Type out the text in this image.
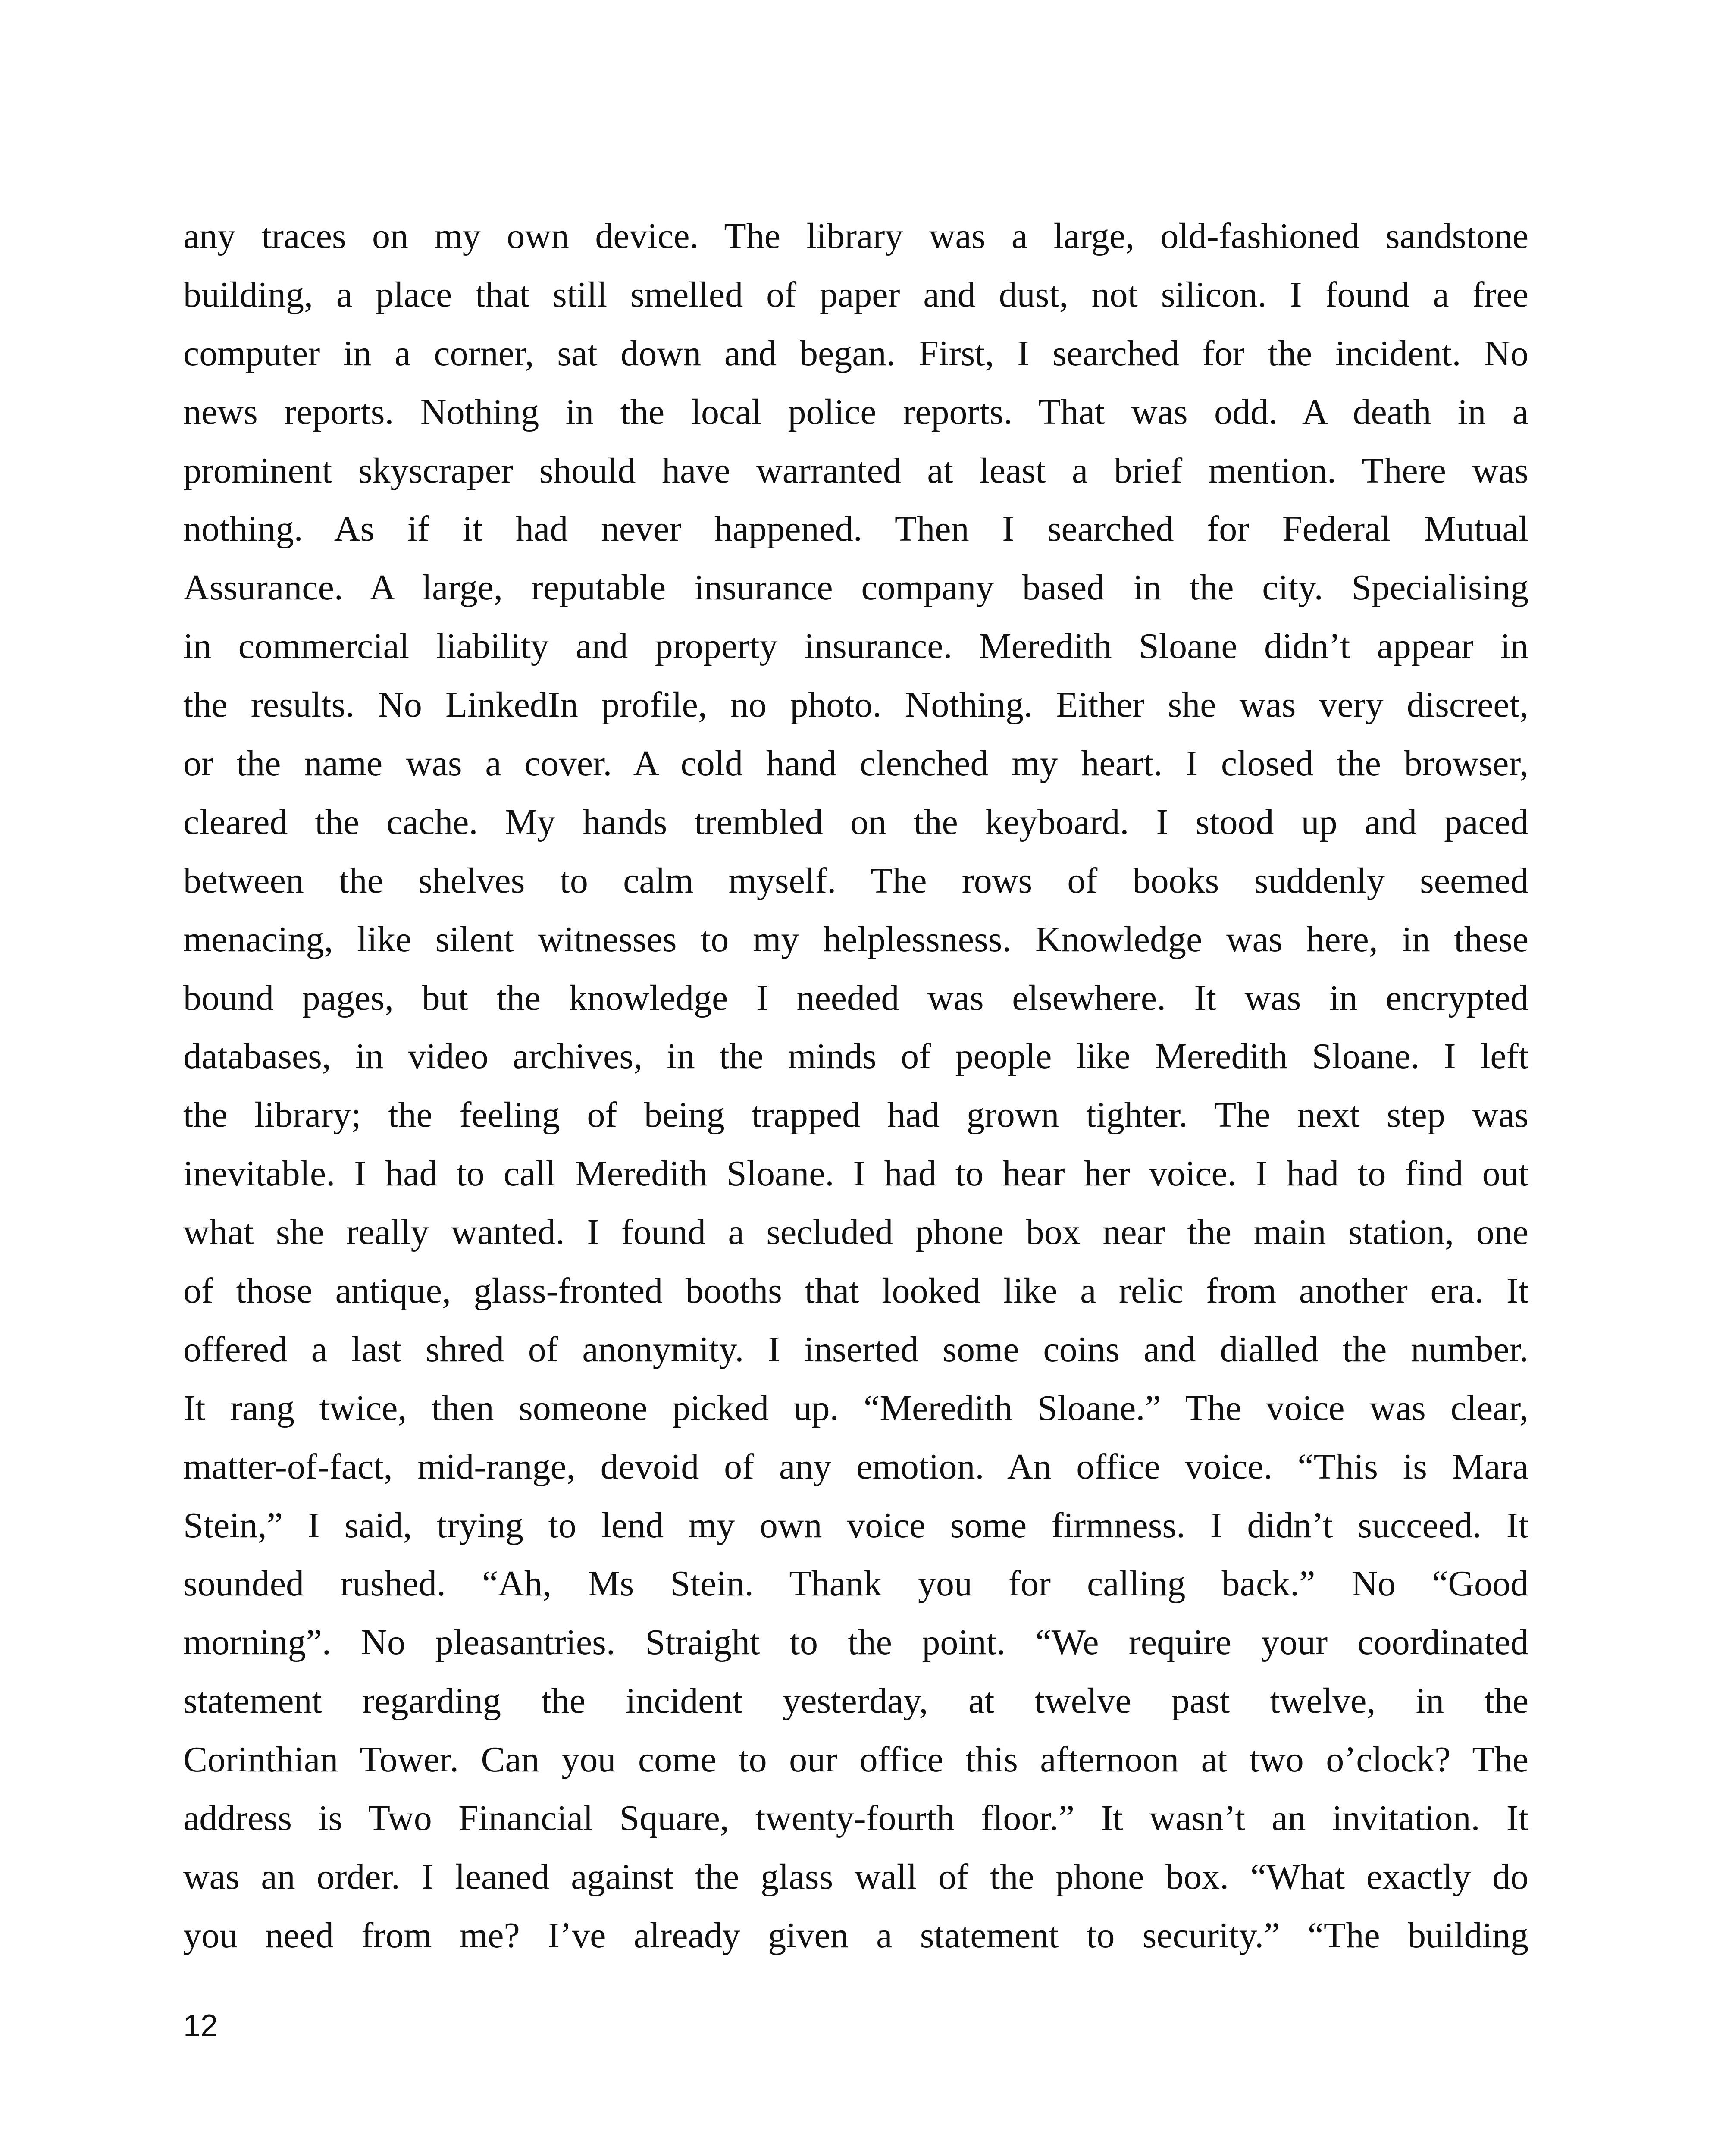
any traces on my own device. The library was a large, old-fashioned sandstone
building, a place that still smelled of paper and dust, not silicon. I found a free
computer in a corner, sat down and began. First, I searched for the incident. No
news reports. Nothing in the local police reports. That was odd. A death in a
prominent skyscraper should have warranted at least a brief mention. There was
nothing. As if it had never happened. Then I searched for Federal Mutual
Assurance. A large, reputable insurance company based in the city. Specialising
in commercial liability and property insurance. Meredith Sloane didn’t appear in
the results. No LinkedIn profile, no photo. Nothing. Either she was very discreet,
or the name was a cover. A cold hand clenched my heart. I closed the browser,
cleared the cache. My hands trembled on the keyboard. I stood up and paced
between the shelves to calm myself. The rows of books suddenly seemed
menacing, like silent witnesses to my helplessness. Knowledge was here, in these
bound pages, but the knowledge I needed was elsewhere. It was in encrypted
databases, in video archives, in the minds of people like Meredith Sloane. I left
the library; the feeling of being trapped had grown tighter. The next step was
inevitable. I had to call Meredith Sloane. I had to hear her voice. I had to find out
what she really wanted. I found a secluded phone box near the main station, one
of those antique, glass-fronted booths that looked like a relic from another era. It
offered a last shred of anonymity. I inserted some coins and dialled the number.
It rang twice, then someone picked up. “Meredith Sloane.” The voice was clear,
matter-of-fact, mid-range, devoid of any emotion. An office voice. “This is Mara
Stein,” I said, trying to lend my own voice some firmness. I didn’t succeed. It
sounded rushed. “Ah, Ms Stein. Thank you for calling back.” No “Good
morning”. No pleasantries. Straight to the point. “We require your coordinated
statement regarding the incident yesterday, at twelve past twelve, in the
Corinthian Tower. Can you come to our office this afternoon at two o’clock? The
address is Two Financial Square, twenty-fourth floor.” It wasn’t an invitation. It
was an order. I leaned against the glass wall of the phone box. “What exactly do
you need from me? I’ve already given a statement to security.” “The building
12
